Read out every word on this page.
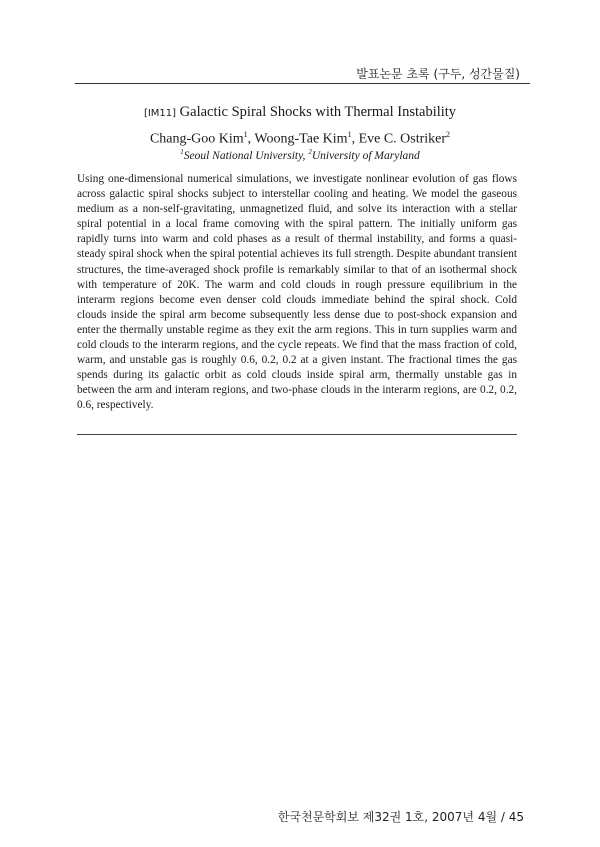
발표논문 초록 (구두, 성간물질)
[IM11] Galactic Spiral Shocks with Thermal Instability
Chang-Goo Kim$^1$, Woong-Tae Kim$^1$, Eve C. Ostriker$^2$
$^1$Seoul National University, $^2$University of Maryland

Using one-dimensional numerical simulations, we investigate nonlinear evolution of gas flows across galactic spiral shocks subject to interstellar cooling and heating. We model the gaseous medium as a non-self-gravitating, unmagnetized fluid, and solve its interaction with a stellar spiral potential in a local frame comoving with the spiral pattern. The initially uniform gas rapidly turns into warm and cold phases as a result of thermal instability, and forms a quasi-steady spiral shock when the spiral potential achieves its full strength. Despite abundant transient structures, the time-averaged shock profile is remarkably similar to that of an isothermal shock with temperature of 20K. The warm and cold clouds in rough pressure equilibrium in the interarm regions become even denser cold clouds immediate behind the spiral shock. Cold clouds inside the spiral arm become subsequently less dense due to post-shock expansion and enter the thermally unstable regime as they exit the arm regions. This in turn supplies warm and cold clouds to the interarm regions, and the cycle repeats. We find that the mass fraction of cold, warm, and unstable gas is roughly 0.6, 0.2, 0.2 at a given instant. The fractional times the gas spends during its galactic orbit as cold clouds inside spiral arm, thermally unstable gas in between the arm and interam regions, and two-phase clouds in the interarm regions, are 0.2, 0.2, 0.6, respectively.

한국천문학회보 제32권 1호, 2007년 4월 / 45
